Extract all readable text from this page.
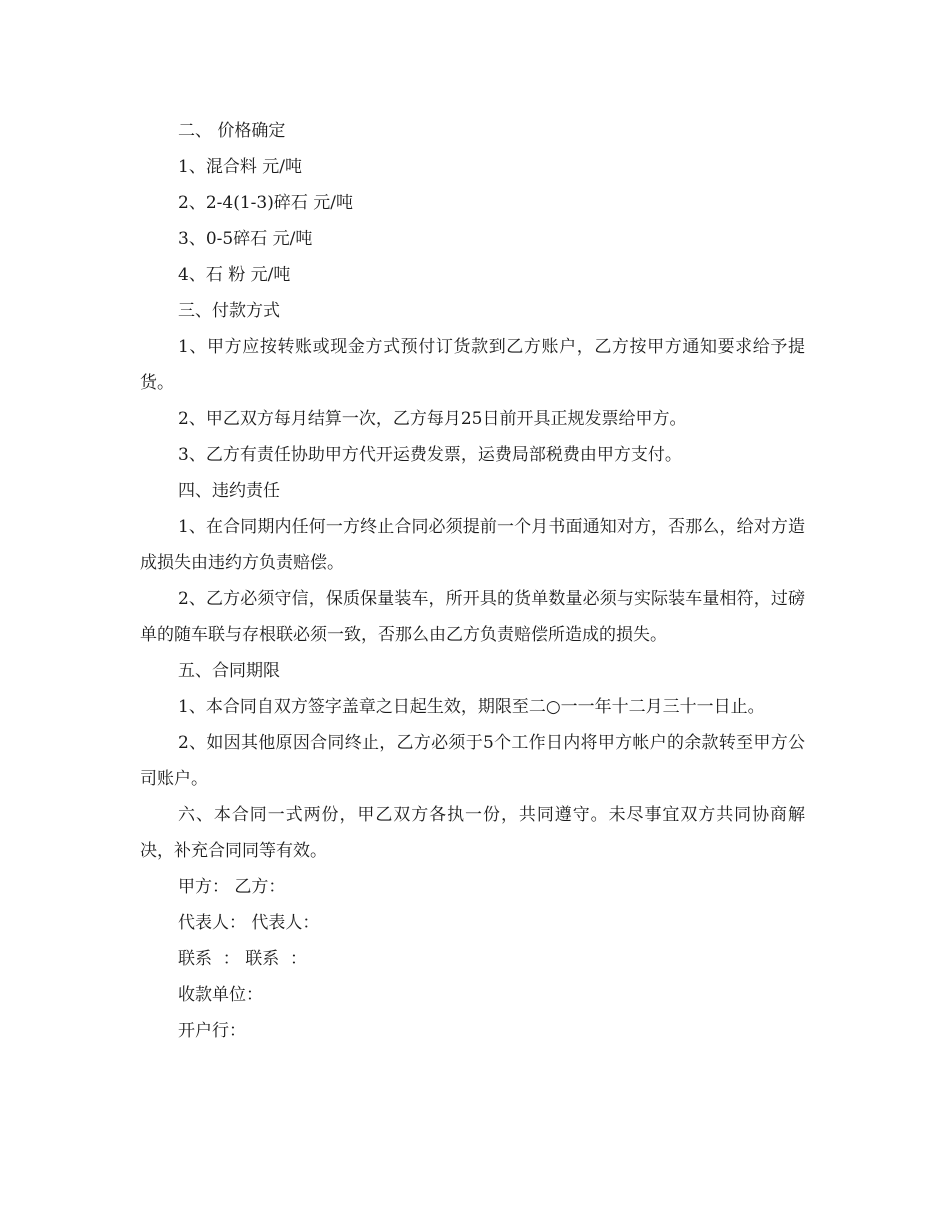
二、 价格确定

1、混合料 元/吨

2、2-4(1-3)碎石 元/吨

3、0-5碎石 元/吨

4、石 粉 元/吨

三、付款方式

1、甲方应按转账或现金方式预付订货款到乙方账户，乙方按甲方通知要求给予提货。

2、甲乙双方每月结算一次，乙方每月25日前开具正规发票给甲方。

3、乙方有责任协助甲方代开运费发票，运费局部税费由甲方支付。

四、违约责任

1、在合同期内任何一方终止合同必须提前一个月书面通知对方，否那么，给对方造成损失由违约方负责赔偿。

2、乙方必须守信，保质保量装车，所开具的货单数量必须与实际装车量相符，过磅单的随车联与存根联必须一致，否那么由乙方负责赔偿所造成的损失。

五、合同期限

1、本合同自双方签字盖章之日起生效，期限至二○一一年十二月三十一日止。

2、如因其他原因合同终止，乙方必须于5个工作日内将甲方帐户的余款转至甲方公司账户。

六、本合同一式两份，甲乙双方各执一份，共同遵守。未尽事宜双方共同协商解决，补充合同同等有效。

甲方： 乙方：

代表人： 代表人：

联系  ： 联系  ：

收款单位：

开户行：
